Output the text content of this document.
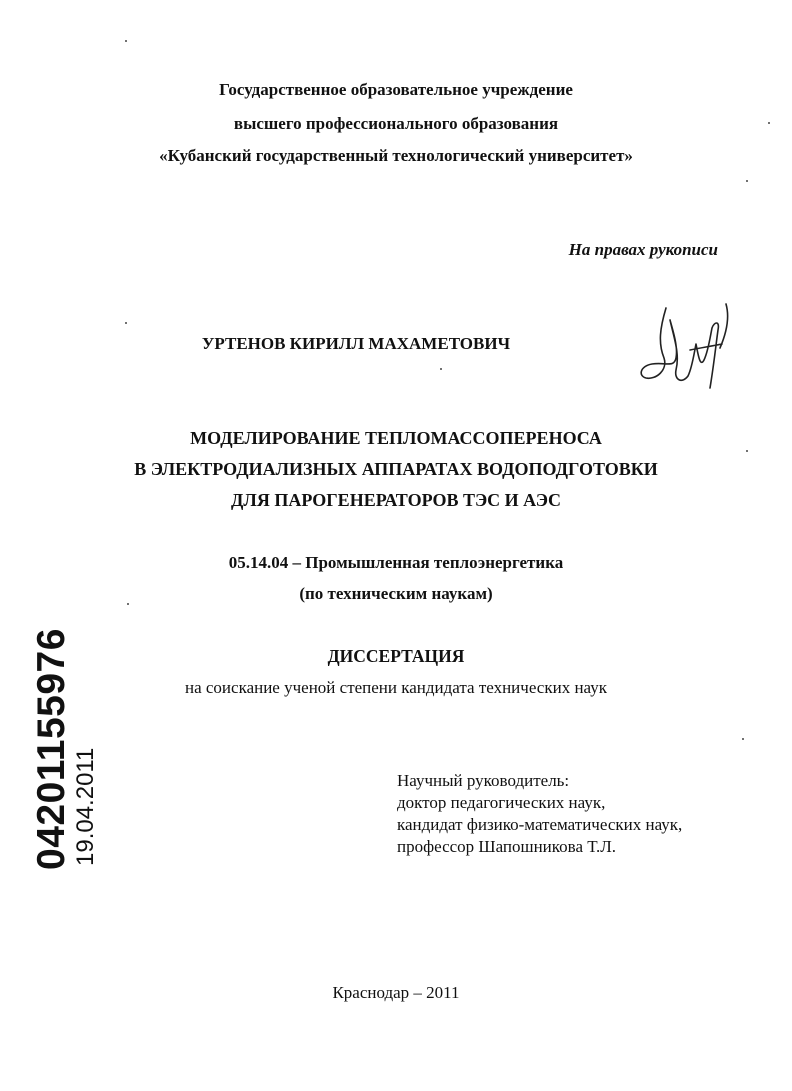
Государственное образовательное учреждение
высшего профессионального образования
«Кубанский государственный технологический университет»
На правах рукописи
УРТЕНОВ КИРИЛЛ МАХАМЕТОВИЧ
МОДЕЛИРОВАНИЕ ТЕПЛОМАССОПЕРЕНОСА
В ЭЛЕКТРОДИАЛИЗНЫХ АППАРАТАХ ВОДОПОДГОТОВКИ
ДЛЯ ПАРОГЕНЕРАТОРОВ ТЭС И АЭС
05.14.04 – Промышленная теплоэнергетика
(по техническим наукам)
ДИССЕРТАЦИЯ
на соискание ученой степени кандидата технических наук
Научный руководитель:
доктор педагогических наук,
кандидат физико-математических наук,
профессор Шапошникова Т.Л.
Краснодар – 2011
04201155976 19.04.2011
